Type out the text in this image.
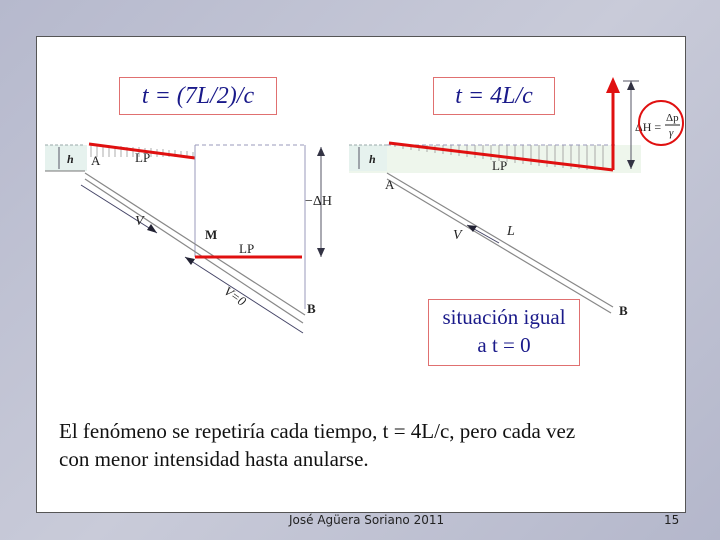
h A	LP
M
LP
B
V
V=0
−ΔH
h
A
LP
V	L
B
ΔH =
Δp
γ
t = (7L/2)/c	t = 4L/c
situación igual
a t = 0
El fenómeno se repetiría cada tiempo, t = 4L/c, pero cada vez
con menor intensidad hasta anularse.
José Agüera Soriano 2011	15
